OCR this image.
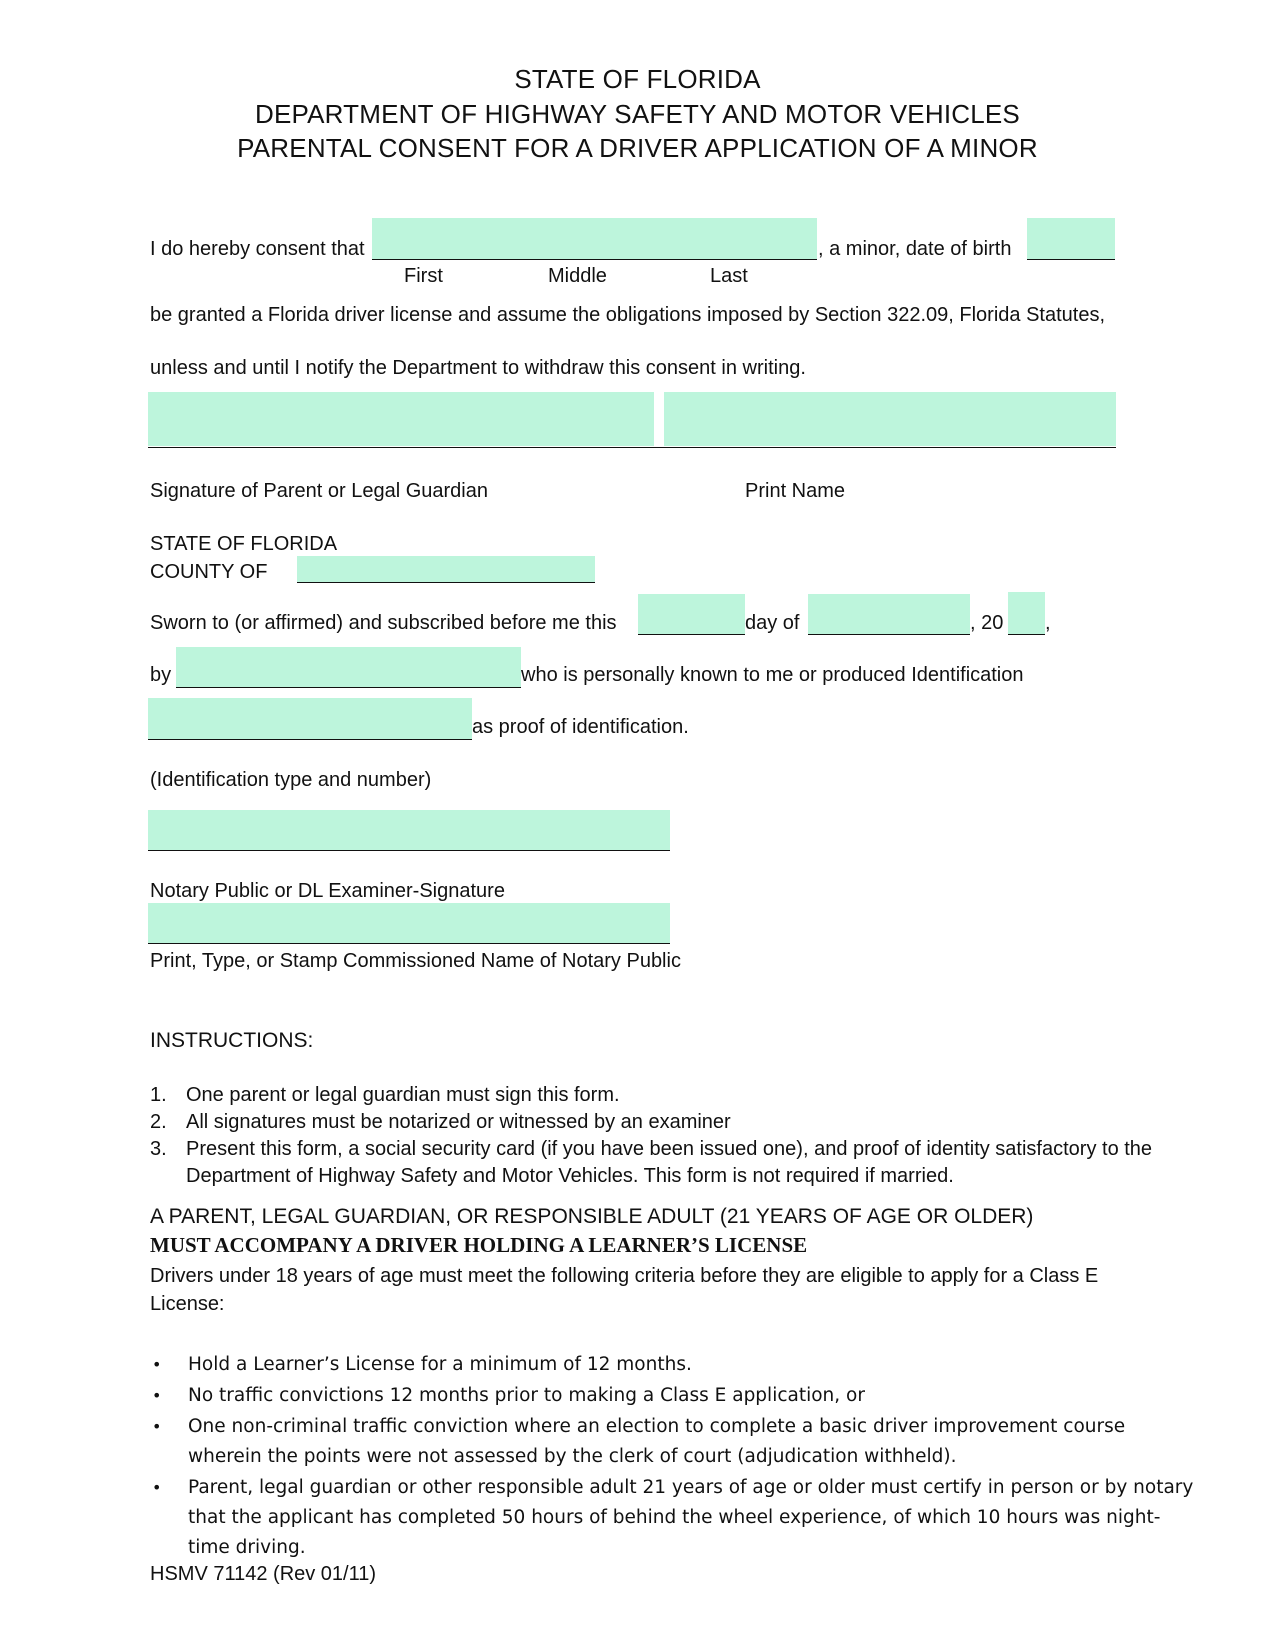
STATE OF FLORIDA
DEPARTMENT OF HIGHWAY SAFETY AND MOTOR VEHICLES
PARENTAL CONSENT FOR A DRIVER APPLICATION OF A MINOR
I do hereby consent that	, a minor, date of birth
First	Middle	Last
be granted a Florida driver license and assume the obligations imposed by Section 322.09, Florida Statutes,
unless and until I notify the Department to withdraw this consent in writing.
Signature of Parent or Legal Guardian	Print Name
STATE OF FLORIDA
COUNTY OF
Sworn to (or affirmed) and subscribed before me this	day of	, 20 ,
by	who is personally known to me or produced Identification
as proof of identification.
(Identification type and number)
Notary Public or DL Examiner-Signature
Print, Type, or Stamp Commissioned Name of Notary Public
INSTRUCTIONS:
1. One parent or legal guardian must sign this form.
2. All signatures must be notarized or witnessed by an examiner
3. Present this form, a social security card (if you have been issued one), and proof of identity satisfactory to the Department of Highway Safety and Motor Vehicles. This form is not required if married.
A PARENT, LEGAL GUARDIAN, OR RESPONSIBLE ADULT (21 YEARS OF AGE OR OLDER)
MUST ACCOMPANY A DRIVER HOLDING A LEARNER’S LICENSE
Drivers under 18 years of age must meet the following criteria before they are eligible to apply for a Class E License:
• Hold a Learner’s License for a minimum of 12 months.
• No traffic convictions 12 months prior to making a Class E application, or
• One non-criminal traffic conviction where an election to complete a basic driver improvement course wherein the points were not assessed by the clerk of court (adjudication withheld).
• Parent, legal guardian or other responsible adult 21 years of age or older must certify in person or by notary that the applicant has completed 50 hours of behind the wheel experience, of which 10 hours was night-time driving.
HSMV 71142 (Rev 01/11)
